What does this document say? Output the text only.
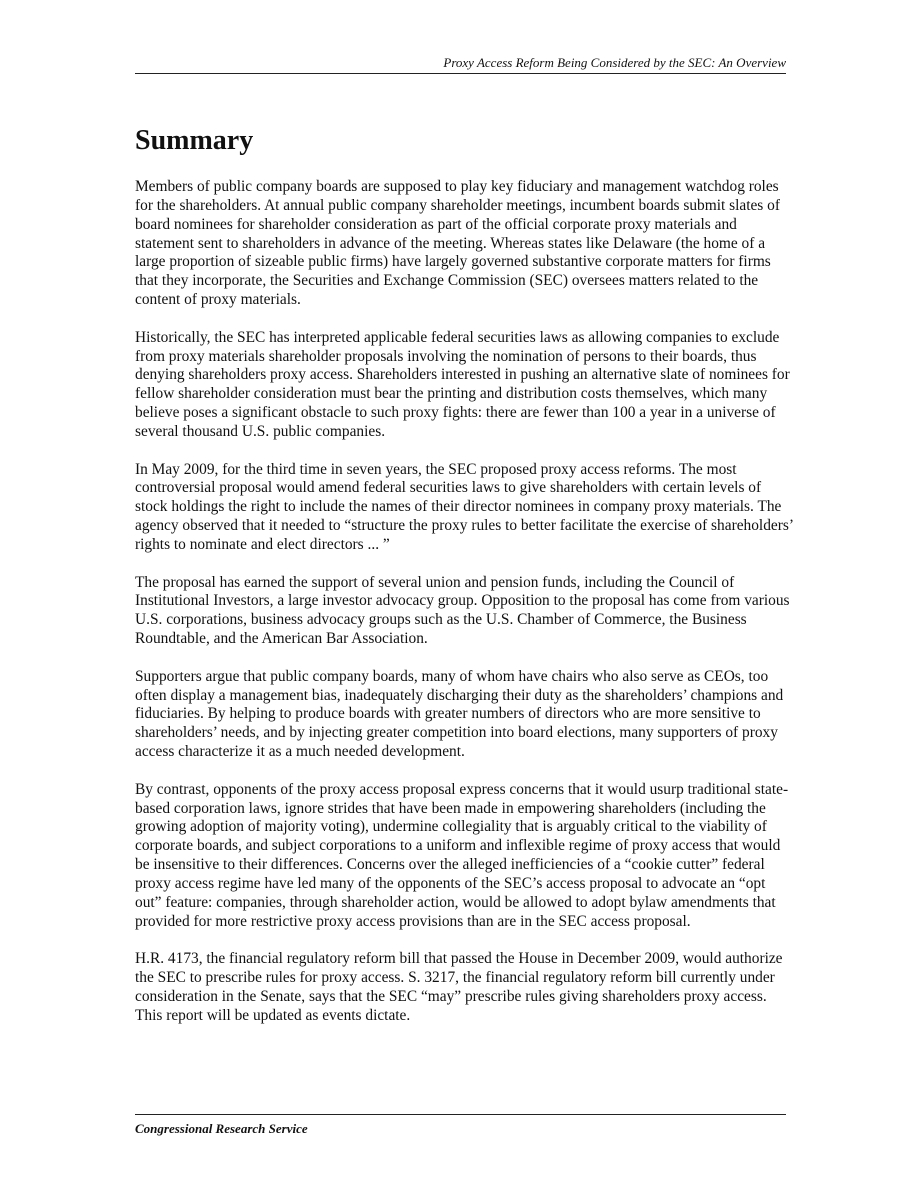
Proxy Access Reform Being Considered by the SEC: An Overview
Summary

Members of public company boards are supposed to play key fiduciary and management watchdog roles for the shareholders. At annual public company shareholder meetings, incumbent boards submit slates of board nominees for shareholder consideration as part of the official corporate proxy materials and statement sent to shareholders in advance of the meeting. Whereas states like Delaware (the home of a large proportion of sizeable public firms) have largely governed substantive corporate matters for firms that they incorporate, the Securities and Exchange Commission (SEC) oversees matters related to the content of proxy materials.

Historically, the SEC has interpreted applicable federal securities laws as allowing companies to exclude from proxy materials shareholder proposals involving the nomination of persons to their boards, thus denying shareholders proxy access. Shareholders interested in pushing an alternative slate of nominees for fellow shareholder consideration must bear the printing and distribution costs themselves, which many believe poses a significant obstacle to such proxy fights: there are fewer than 100 a year in a universe of several thousand U.S. public companies.

In May 2009, for the third time in seven years, the SEC proposed proxy access reforms. The most controversial proposal would amend federal securities laws to give shareholders with certain levels of stock holdings the right to include the names of their director nominees in company proxy materials. The agency observed that it needed to “structure the proxy rules to better facilitate the exercise of shareholders’ rights to nominate and elect directors ... ”

The proposal has earned the support of several union and pension funds, including the Council of Institutional Investors, a large investor advocacy group. Opposition to the proposal has come from various U.S. corporations, business advocacy groups such as the U.S. Chamber of Commerce, the Business Roundtable, and the American Bar Association.

Supporters argue that public company boards, many of whom have chairs who also serve as CEOs, too often display a management bias, inadequately discharging their duty as the shareholders’ champions and fiduciaries. By helping to produce boards with greater numbers of directors who are more sensitive to shareholders’ needs, and by injecting greater competition into board elections, many supporters of proxy access characterize it as a much needed development.

By contrast, opponents of the proxy access proposal express concerns that it would usurp traditional state-based corporation laws, ignore strides that have been made in empowering shareholders (including the growing adoption of majority voting), undermine collegiality that is arguably critical to the viability of corporate boards, and subject corporations to a uniform and inflexible regime of proxy access that would be insensitive to their differences. Concerns over the alleged inefficiencies of a “cookie cutter” federal proxy access regime have led many of the opponents of the SEC’s access proposal to advocate an “opt out” feature: companies, through shareholder action, would be allowed to adopt bylaw amendments that provided for more restrictive proxy access provisions than are in the SEC access proposal.

H.R. 4173, the financial regulatory reform bill that passed the House in December 2009, would authorize the SEC to prescribe rules for proxy access. S. 3217, the financial regulatory reform bill currently under consideration in the Senate, says that the SEC “may” prescribe rules giving shareholders proxy access. This report will be updated as events dictate.

Congressional Research Service
